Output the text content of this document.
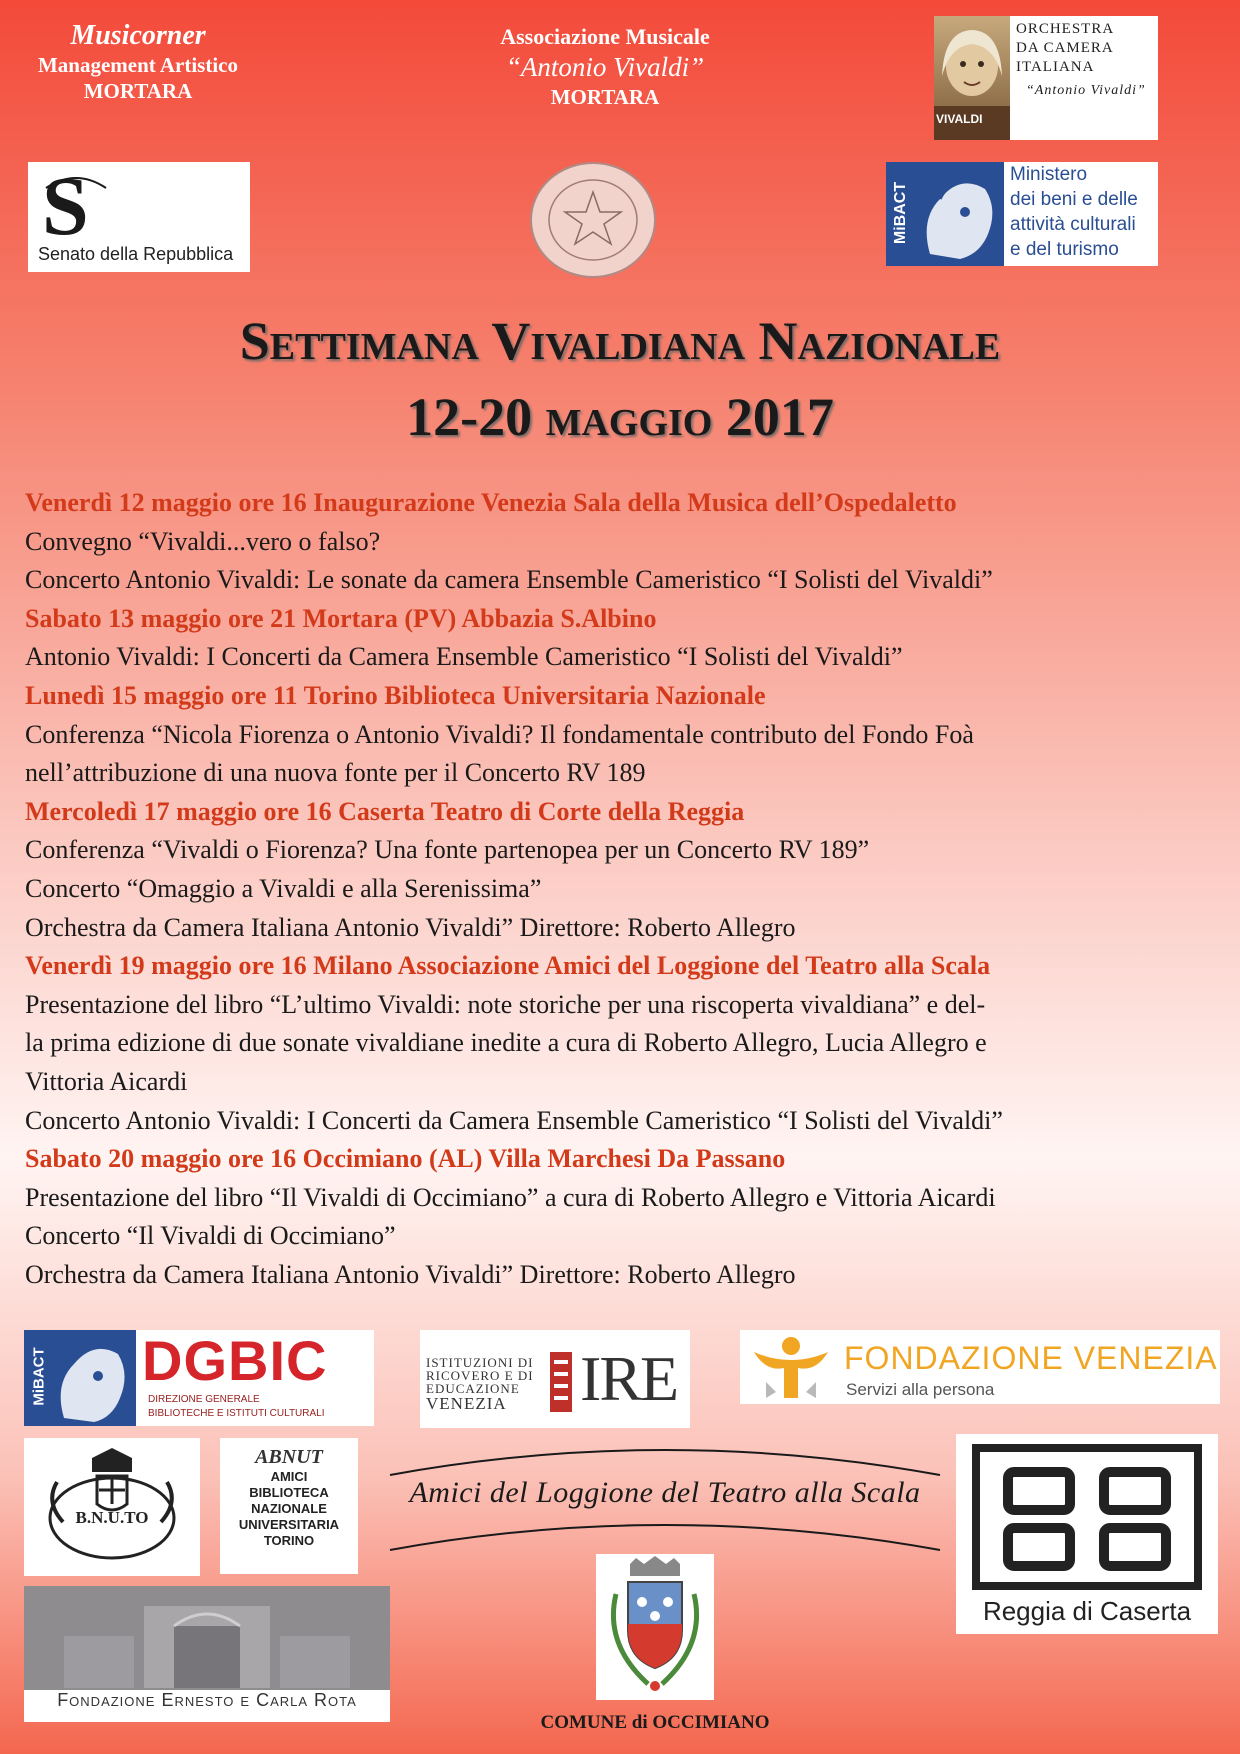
Musicorner
Management Artistico
MORTARA
Associazione Musicale
“Antonio Vivaldi”
MORTARA
VIVALDI
ORCHESTRA
DA CAMERA
ITALIANA
“Antonio Vivaldi”
S
Senato della Repubblica
MiBACT
Ministero
dei beni e delle
attività culturali
e del turismo
Settimana Vivaldiana Nazionale
12-20 maggio 2017

Venerdì 12 maggio ore 16 Inaugurazione Venezia Sala della Musica dell’Ospedaletto

Convegno “Vivaldi...vero o falso?

Concerto Antonio Vivaldi: Le sonate da camera Ensemble Cameristico “I Solisti del Vivaldi”

Sabato 13 maggio ore 21 Mortara (PV) Abbazia S.Albino

Antonio Vivaldi: I Concerti da Camera Ensemble Cameristico “I Solisti del Vivaldi”

Lunedì 15 maggio ore 11 Torino Biblioteca Universitaria Nazionale

Conferenza “Nicola Fiorenza o Antonio Vivaldi? Il fondamentale contributo del Fondo Foà

nell’attribuzione di una nuova fonte per il Concerto RV 189

Mercoledì 17 maggio ore 16 Caserta Teatro di Corte della Reggia

Conferenza “Vivaldi o Fiorenza? Una fonte partenopea per un Concerto RV 189”

Concerto “Omaggio a Vivaldi e alla Serenissima”

Orchestra da Camera Italiana Antonio Vivaldi” Direttore: Roberto Allegro

Venerdì 19 maggio ore 16 Milano Associazione Amici del Loggione del Teatro alla Scala

Presentazione del libro “L’ultimo Vivaldi: note storiche per una riscoperta vivaldiana” e del-

la prima edizione di due sonate vivaldiane inedite a cura di Roberto Allegro, Lucia Allegro e

Vittoria Aicardi

Concerto Antonio Vivaldi: I Concerti da Camera Ensemble Cameristico “I Solisti del Vivaldi”

Sabato 20 maggio ore 16 Occimiano (AL) Villa Marchesi Da Passano

Presentazione del libro “Il Vivaldi di Occimiano” a cura di Roberto Allegro e Vittoria Aicardi

Concerto “Il Vivaldi di Occimiano”

Orchestra da Camera Italiana Antonio Vivaldi” Direttore: Roberto Allegro

MiBACT DGBIC
DIREZIONE GENERALE
BIBLIOTECHE E ISTITUTI CULTURALI
ISTITUZIONI DI
RICOVERO E DI
EDUCAZIONE
VENEZIA	IRE	FONDAZIONE VENEZIA
Servizi alla persona
B.N.U.TO
ABNUT
AMICI
BIBLIOTECA
NAZIONALE
UNIVERSITARIA
TORINO
Amici del Loggione del Teatro alla Scala
Reggia di Caserta
Fondazione Ernesto e Carla Rota
COMUNE di OCCIMIANO
